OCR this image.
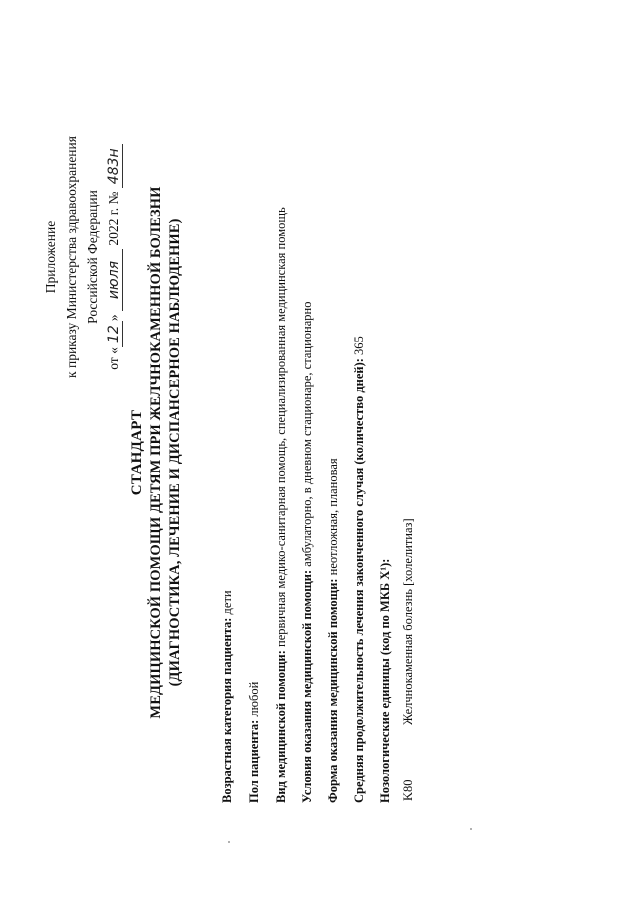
Приложение к приказу Министерства здравоохранения Российской Федерации
от «12» июля 2022 г. № 483н
СТАНДАРТ МЕДИЦИНСКОЙ ПОМОЩИ ДЕТЯМ ПРИ ЖЕЛЧНОКАМЕННОЙ БОЛЕЗНИ (ДИАГНОСТИКА, ЛЕЧЕНИЕ И ДИСПАНСЕРНОЕ НАБЛЮДЕНИЕ)
Возрастная категория пациента: дети
Пол пациента: любой Вид медицинской помощи: первичная медико-санитарная помощь, специализированная медицинская помощь
Условия оказания медицинской помощи: амбулаторно, в дневном стационаре, стационарно
Форма оказания медицинской помощи: неотложная, плановая Средняя продолжительность лечения законченного случая (количество дней): 365
Нозологические единицы (код по МКБ X¹): K80Желчнокаменная болезнь [холелитиаз]
